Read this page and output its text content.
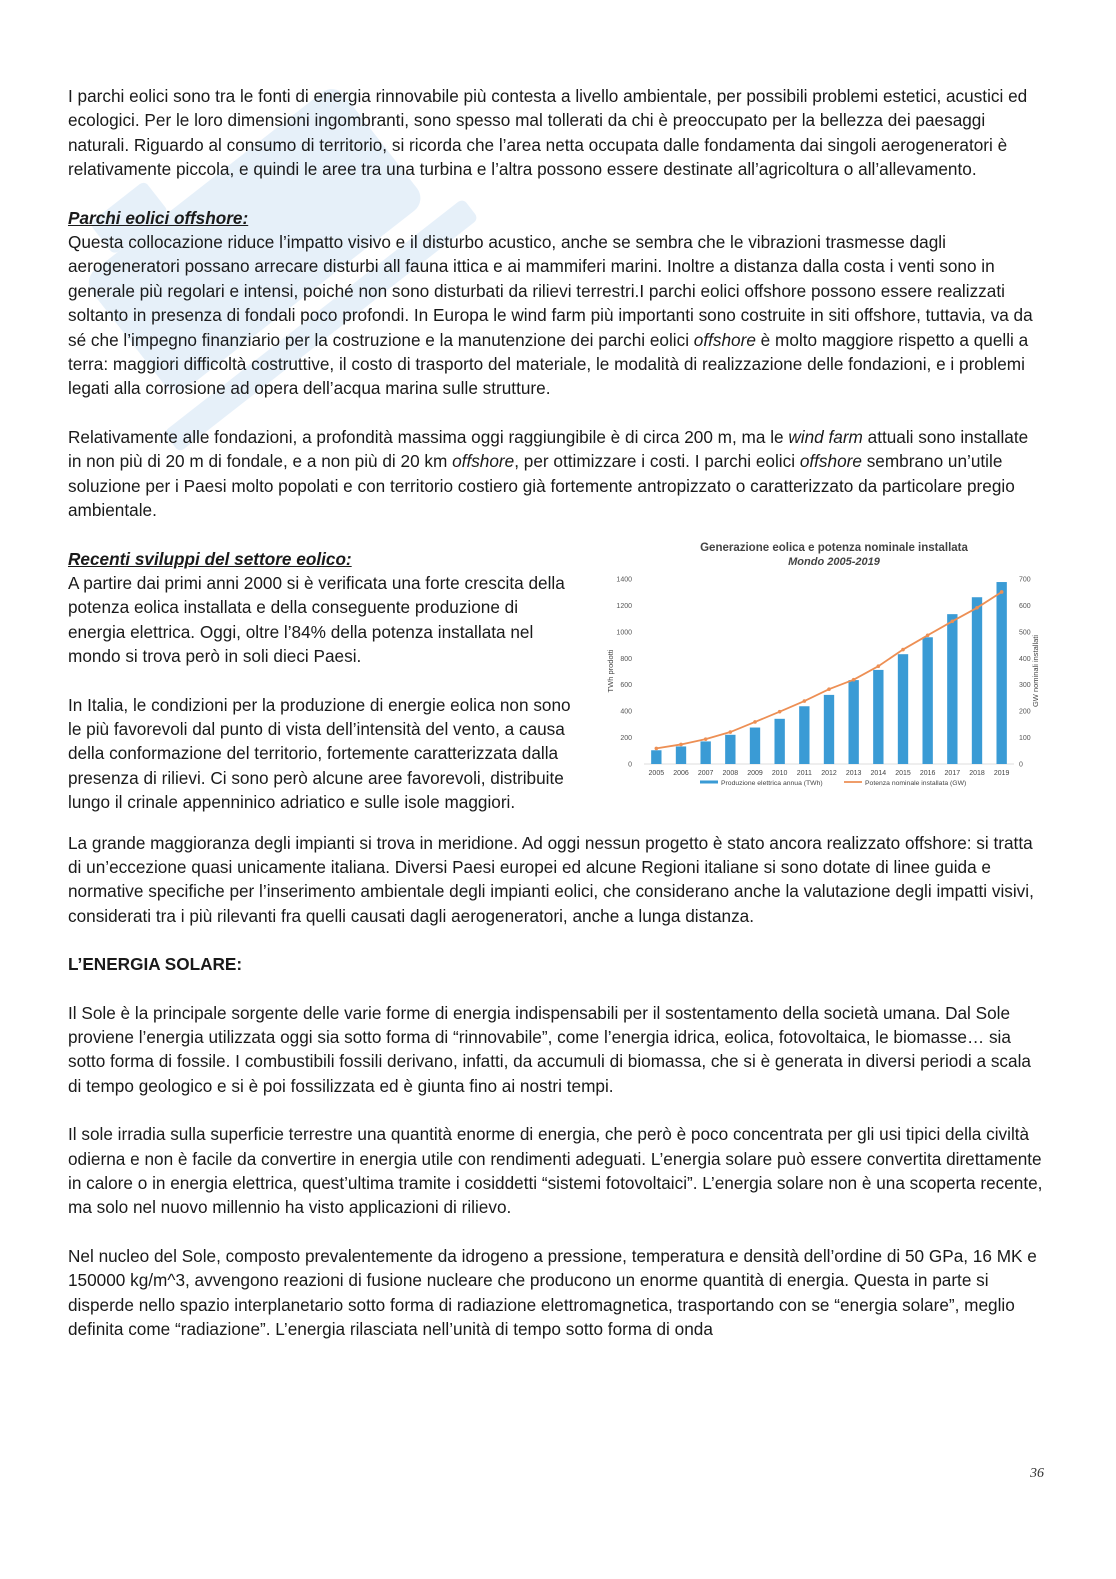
I parchi eolici sono tra le fonti di energia rinnovabile più contesta a livello ambientale, per possibili problemi estetici, acustici ed ecologici. Per le loro dimensioni ingombranti, sono spesso mal tollerati da chi è preoccupato per la bellezza dei paesaggi naturali. Riguardo al consumo di territorio, si ricorda che l’area netta occupata dalle fondamenta dai singoli aerogeneratori è relativamente piccola, e quindi le aree tra una turbina e l’altra possono essere destinate all’agricoltura o all’allevamento.

Parchi eolici offshore:

Questa collocazione riduce l’impatto visivo e il disturbo acustico, anche se sembra che le vibrazioni trasmesse dagli aerogeneratori possano arrecare disturbi all fauna ittica e ai mammiferi marini. Inoltre a distanza dalla costa i venti sono in generale più regolari e intensi, poiché non sono disturbati da rilievi terrestri.I parchi eolici offshore possono essere realizzati soltanto in presenza di fondali poco profondi. In Europa le wind farm più importanti sono costruite in siti offshore, tuttavia, va da sé che l’impegno finanziario per la costruzione e la manutenzione dei parchi eolici offshore è molto maggiore rispetto a quelli a terra: maggiori difficoltà costruttive, il costo di trasporto del materiale, le modalità di realizzazione delle fondazioni, e i problemi legati alla corrosione ad opera dell’acqua marina sulle strutture.

Relativamente alle fondazioni, a profondità massima oggi raggiungibile è di circa 200 m, ma le wind farm attuali sono installate in non più di 20 m di fondale, e a non più di 20 km offshore, per ottimizzare i costi. I parchi eolici offshore sembrano un’utile soluzione per i Paesi molto popolati e con territorio costiero già fortemente antropizzato o caratterizzato da particolare pregio ambientale.

Recenti sviluppi del settore eolico:

A partire dai primi anni 2000 si è verificata una forte crescita della potenza eolica installata e della conseguente produzione di energia elettrica. Oggi, oltre l’84% della potenza installata nel mondo si trova però in soli dieci Paesi.

In Italia, le condizioni per la produzione di energie eolica non sono le più favorevoli dal punto di vista dell’intensità del vento, a causa della conformazione del territorio, fortemente caratterizzata dalla presenza di rilievi. Ci sono però alcune aree favorevoli, distribuite lungo il crinale appenninico adriatico e sulle isole maggiori.

Generazione eolica e potenza nominale installata
Mondo 2005-2019
TWh prodotti	GW nominali installati
0
200
400
600
800
1000
1200
1400
0
100
200
300
400
500
600
700
2005 2006 2007 2008 2009 2010 2011 2012 2013 2014 2015 2016 2017 2018 2019
Produzione elettrica annua (TWh)	Potenza nominale installata (GW)

La grande maggioranza degli impianti si trova in meridione. Ad oggi nessun progetto è stato ancora realizzato offshore: si tratta di un’eccezione quasi unicamente italiana. Diversi Paesi europei ed alcune Regioni italiane si sono dotate di linee guida e normative specifiche per l’inserimento ambientale degli impianti eolici, che considerano anche la valutazione degli impatti visivi, considerati tra i più rilevanti fra quelli causati dagli aerogeneratori, anche a lunga distanza.

L’ENERGIA SOLARE:

Il Sole è la principale sorgente delle varie forme di energia indispensabili per il sostentamento della società umana. Dal Sole proviene l’energia utilizzata oggi sia sotto forma di “rinnovabile”, come l’energia idrica, eolica, fotovoltaica, le biomasse… sia sotto forma di fossile. I combustibili fossili derivano, infatti, da accumuli di biomassa, che si è generata in diversi periodi a scala di tempo geologico e si è poi fossilizzata ed è giunta fino ai nostri tempi.

Il sole irradia sulla superficie terrestre una quantità enorme di energia, che però è poco concentrata per gli usi tipici della civiltà odierna e non è facile da convertire in energia utile con rendimenti adeguati. L’energia solare può essere convertita direttamente in calore o in energia elettrica, quest’ultima tramite i cosiddetti “sistemi fotovoltaici”. L’energia solare non è una scoperta recente, ma solo nel nuovo millennio ha visto applicazioni di rilievo.

Nel nucleo del Sole, composto prevalentemente da idrogeno a pressione, temperatura e densità dell’ordine di 50 GPa, 16 MK e 150000 kg/m^3, avvengono reazioni di fusione nucleare che producono un enorme quantità di energia. Questa in parte si disperde nello spazio interplanetario sotto forma di radiazione elettromagnetica, trasportando con se “energia solare”, meglio definita come “radiazione”. L’energia rilasciata nell’unità di tempo sotto forma di onda

36
